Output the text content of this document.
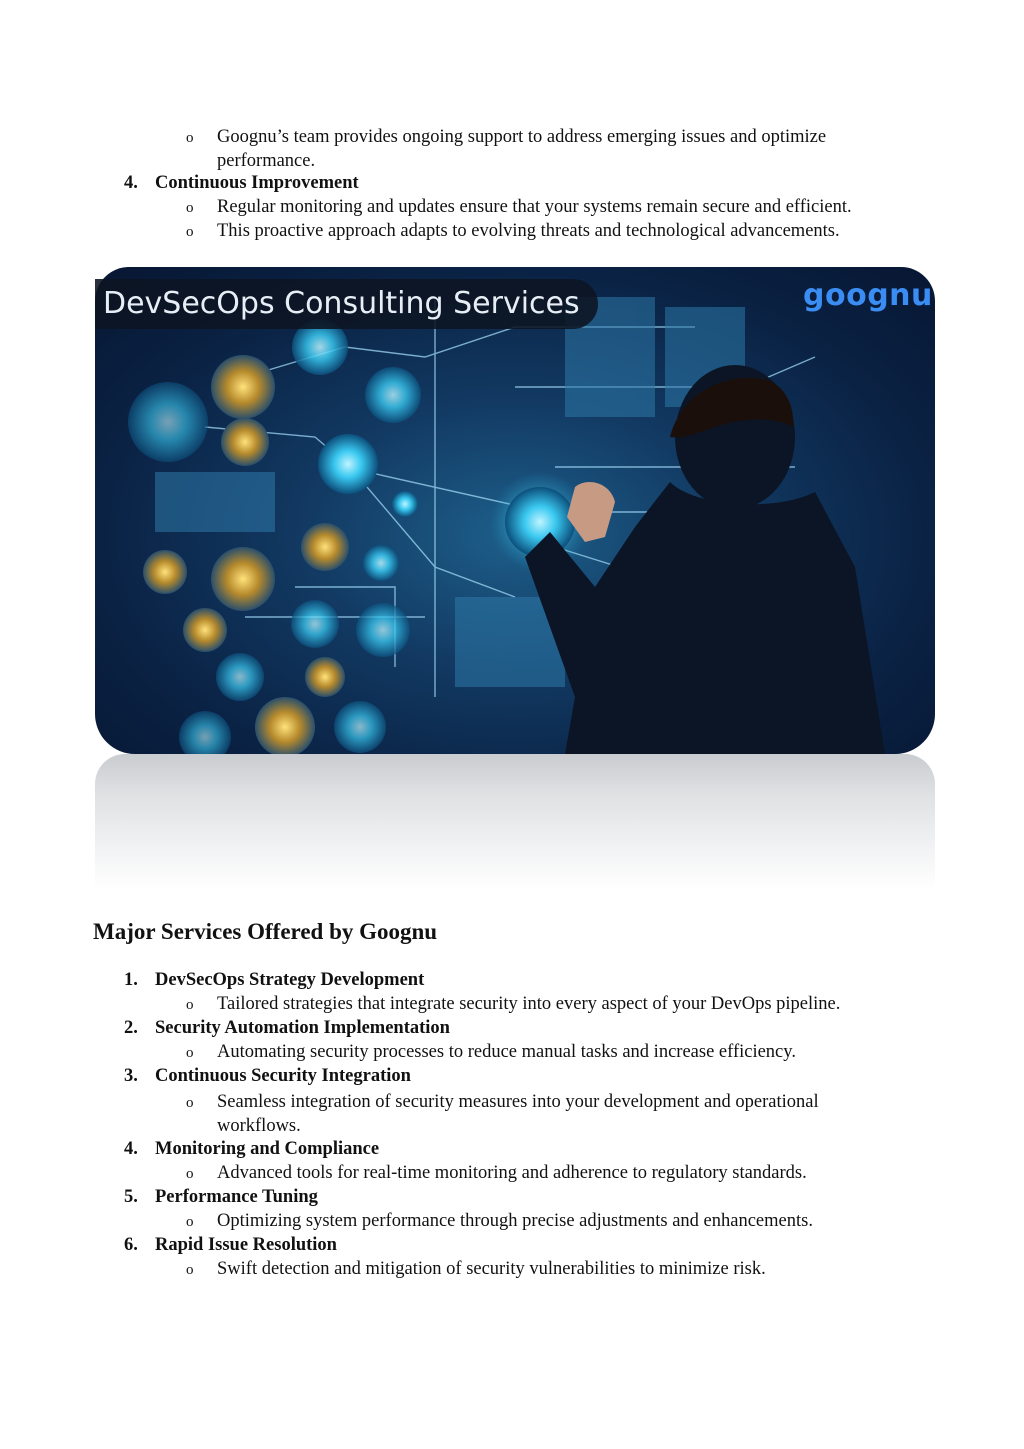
o Goognu’s team provides ongoing support to address emerging issues and optimize
performance.
4. Continuous Improvement
o Regular monitoring and updates ensure that your systems remain secure and efficient.
o This proactive approach adapts to evolving threats and technological advancements.
DevSecOps Consulting Services	goognu
Major Services Offered by Goognu
1. DevSecOps Strategy Development
o Tailored strategies that integrate security into every aspect of your DevOps pipeline.
2. Security Automation Implementation
o Automating security processes to reduce manual tasks and increase efficiency.
3. Continuous Security Integration
o Seamless integration of security measures into your development and operational
workflows.
4. Monitoring and Compliance
o Advanced tools for real-time monitoring and adherence to regulatory standards.
5. Performance Tuning
o Optimizing system performance through precise adjustments and enhancements.
6. Rapid Issue Resolution
o Swift detection and mitigation of security vulnerabilities to minimize risk.
